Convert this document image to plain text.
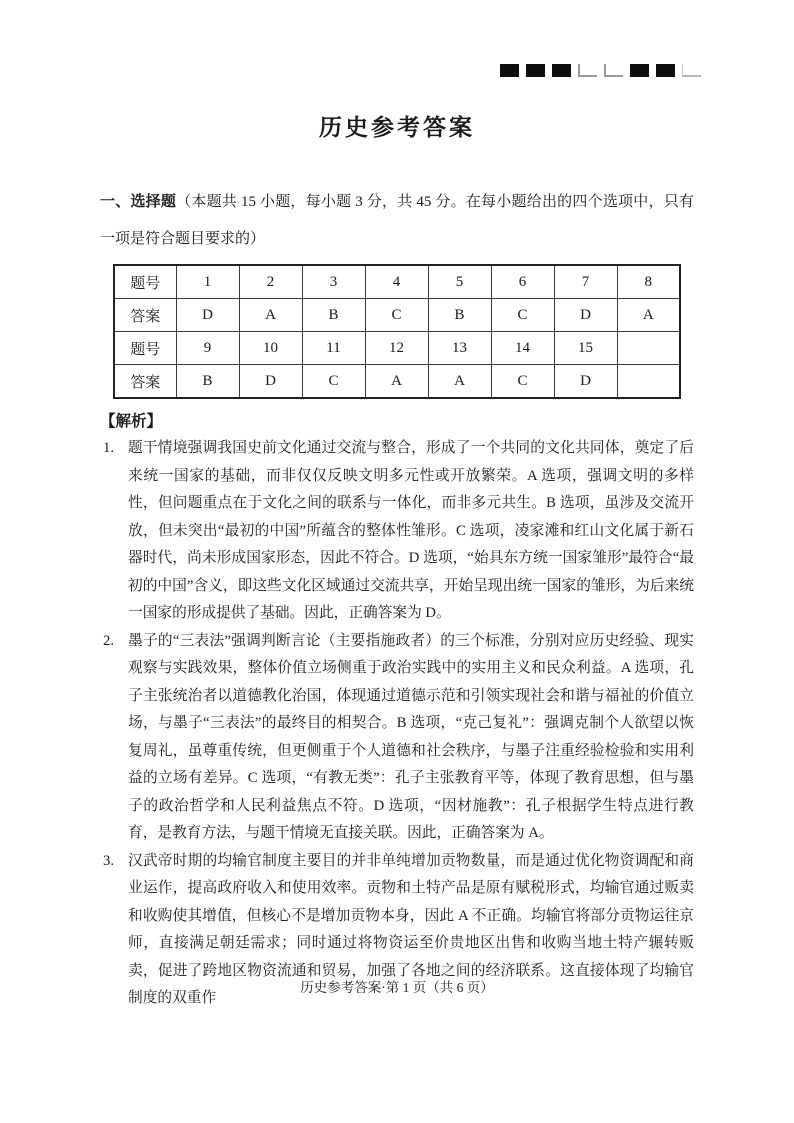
历史参考答案

一、选择题（本题共 15 小题，每小题 3 分，共 45 分。在每小题给出的四个选项中，只有一项是符合题目要求的）

题号	1	2	3	4	5	6	7	8
答案	D	A	B	C	B	C	D	A
题号	9	10	11	12	13	14	15	
答案	B	D	C	A	A	C	D	

【解析】

1. 题干情境强调我国史前文化通过交流与整合，形成了一个共同的文化共同体，奠定了后来统一国家的基础，而非仅仅反映文明多元性或开放繁荣。A 选项，强调文明的多样性，但问题重点在于文化之间的联系与一体化，而非多元共生。B 选项，虽涉及交流开放，但未突出“最初的中国”所蕴含的整体性雏形。C 选项，凌家滩和红山文化属于新石器时代，尚未形成国家形态，因此不符合。D 选项，“始具东方统一国家雏形”最符合“最初的中国”含义，即这些文化区域通过交流共享，开始呈现出统一国家的雏形，为后来统一国家的形成提供了基础。因此，正确答案为 D。
2. 墨子的“三表法”强调判断言论（主要指施政者）的三个标准，分别对应历史经验、现实观察与实践效果，整体价值立场侧重于政治实践中的实用主义和民众利益。A 选项，孔子主张统治者以道德教化治国，体现通过道德示范和引领实现社会和谐与福祉的价值立场，与墨子“三表法”的最终目的相契合。B 选项，“克己复礼”：强调克制个人欲望以恢复周礼，虽尊重传统，但更侧重于个人道德和社会秩序，与墨子注重经验检验和实用利益的立场有差异。C 选项，“有教无类”：孔子主张教育平等，体现了教育思想，但与墨子的政治哲学和人民利益焦点不符。D 选项，“因材施教”：孔子根据学生特点进行教育，是教育方法，与题干情境无直接关联。因此，正确答案为 A。
3. 汉武帝时期的均输官制度主要目的并非单纯增加贡物数量，而是通过优化物资调配和商业运作，提高政府收入和使用效率。贡物和土特产品是原有赋税形式，均输官通过贩卖和收购使其增值，但核心不是增加贡物本身，因此 A 不正确。均输官将部分贡物运往京师，直接满足朝廷需求；同时通过将物资运至价贵地区出售和收购当地土特产辗转贩卖，促进了跨地区物资流通和贸易，加强了各地之间的经济联系。这直接体现了均输官制度的双重作
历史参考答案·第 1 页（共 6 页）
